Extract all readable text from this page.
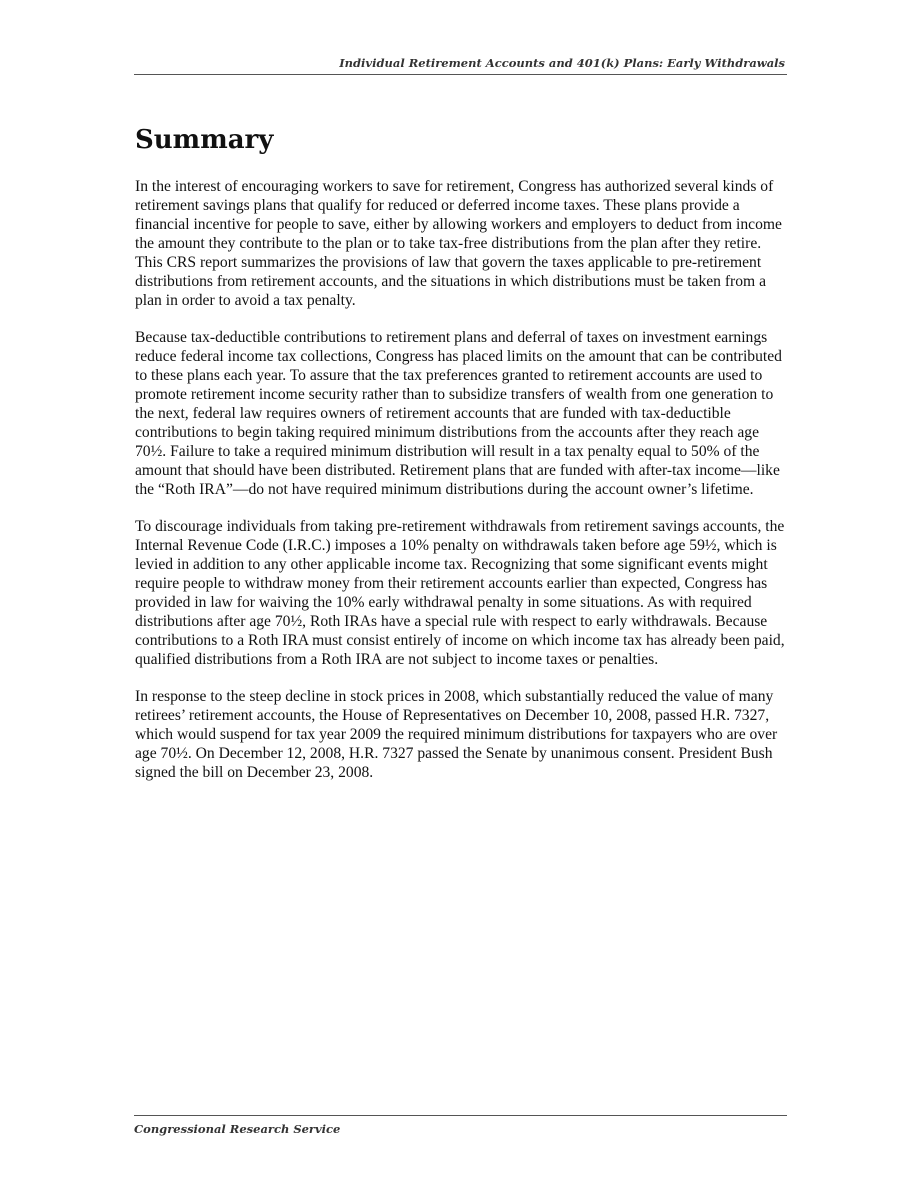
Individual Retirement Accounts and 401(k) Plans: Early Withdrawals
Summary

In the interest of encouraging workers to save for retirement, Congress has authorized several kinds of retirement savings plans that qualify for reduced or deferred income taxes. These plans provide a financial incentive for people to save, either by allowing workers and employers to deduct from income the amount they contribute to the plan or to take tax-free distributions from the plan after they retire. This CRS report summarizes the provisions of law that govern the taxes applicable to pre-retirement distributions from retirement accounts, and the situations in which distributions must be taken from a plan in order to avoid a tax penalty.

Because tax-deductible contributions to retirement plans and deferral of taxes on investment earnings reduce federal income tax collections, Congress has placed limits on the amount that can be contributed to these plans each year. To assure that the tax preferences granted to retirement accounts are used to promote retirement income security rather than to subsidize transfers of wealth from one generation to the next, federal law requires owners of retirement accounts that are funded with tax-deductible contributions to begin taking required minimum distributions from the accounts after they reach age 70½. Failure to take a required minimum distribution will result in a tax penalty equal to 50% of the amount that should have been distributed. Retirement plans that are funded with after-tax income—like the “Roth IRA”—do not have required minimum distributions during the account owner’s lifetime.

To discourage individuals from taking pre-retirement withdrawals from retirement savings accounts, the Internal Revenue Code (I.R.C.) imposes a 10% penalty on withdrawals taken before age 59½, which is levied in addition to any other applicable income tax. Recognizing that some significant events might require people to withdraw money from their retirement accounts earlier than expected, Congress has provided in law for waiving the 10% early withdrawal penalty in some situations. As with required distributions after age 70½, Roth IRAs have a special rule with respect to early withdrawals. Because contributions to a Roth IRA must consist entirely of income on which income tax has already been paid, qualified distributions from a Roth IRA are not subject to income taxes or penalties.

In response to the steep decline in stock prices in 2008, which substantially reduced the value of many retirees’ retirement accounts, the House of Representatives on December 10, 2008, passed H.R. 7327, which would suspend for tax year 2009 the required minimum distributions for taxpayers who are over age 70½. On December 12, 2008, H.R. 7327 passed the Senate by unanimous consent. President Bush signed the bill on December 23, 2008.

Congressional Research Service
